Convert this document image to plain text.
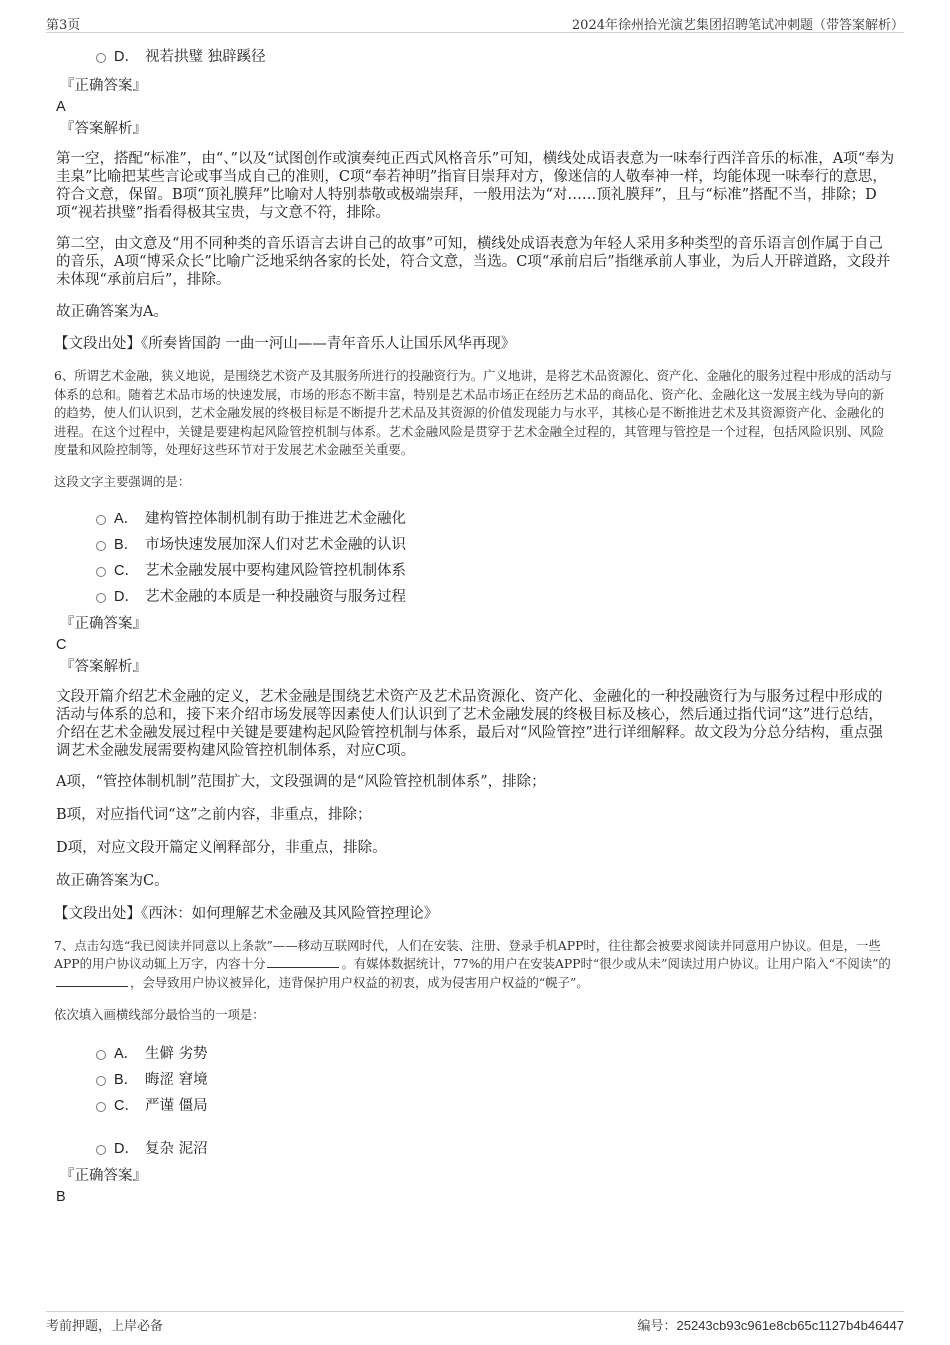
第3页	2024年徐州拾光演艺集团招聘笔试冲刺题（带答案解析）
D． 视若拱璧 独辟蹊径
『正确答案』
A
『答案解析』

第一空，搭配“标准”，由“、”以及“试图创作或演奏纯正西式风格音乐”可知，横线处成语表意为一味奉行西洋音乐的标准，A项“奉为圭臬”比喻把某些言论或事当成自己的准则，C项“奉若神明”指盲目崇拜对方，像迷信的人敬奉神一样，均能体现一味奉行的意思，符合文意，保留。B项“顶礼膜拜”比喻对人特别恭敬或极端崇拜，一般用法为“对……顶礼膜拜”，且与“标准”搭配不当，排除；D项“视若拱璧”指看得极其宝贵，与文意不符，排除。

第二空，由文意及“用不同种类的音乐语言去讲自己的故事”可知，横线处成语表意为年轻人采用多种类型的音乐语言创作属于自己的音乐，A项“博采众长”比喻广泛地采纳各家的长处，符合文意，当选。C项“承前启后”指继承前人事业，为后人开辟道路，文段并未体现“承前启后”，排除。

故正确答案为A。

【文段出处】《所奏皆国韵 一曲一河山——青年音乐人让国乐风华再现》

6、所谓艺术金融，狭义地说，是围绕艺术资产及其服务所进行的投融资行为。广义地讲，是将艺术品资源化、资产化、金融化的服务过程中形成的活动与体系的总和。随着艺术品市场的快速发展，市场的形态不断丰富，特别是艺术品市场正在经历艺术品的商品化、资产化、金融化这一发展主线为导向的新的趋势，使人们认识到，艺术金融发展的终极目标是不断提升艺术品及其资源的价值发现能力与水平，其核心是不断推进艺术及其资源资产化、金融化的进程。在这个过程中，关键是要建构起风险管控机制与体系。艺术金融风险是贯穿于艺术金融全过程的，其管理与管控是一个过程，包括风险识别、风险度量和风险控制等，处理好这些环节对于发展艺术金融至关重要。

这段文字主要强调的是：

A． 建构管控体制机制有助于推进艺术金融化
B． 市场快速发展加深人们对艺术金融的认识
C． 艺术金融发展中要构建风险管控机制体系
D． 艺术金融的本质是一种投融资与服务过程
『正确答案』
C
『答案解析』

文段开篇介绍艺术金融的定义，艺术金融是围绕艺术资产及艺术品资源化、资产化、金融化的一种投融资行为与服务过程中形成的活动与体系的总和，接下来介绍市场发展等因素使人们认识到了艺术金融发展的终极目标及核心，然后通过指代词“这”进行总结，介绍在艺术金融发展过程中关键是要建构起风险管控机制与体系，最后对“风险管控”进行详细解释。故文段为分总分结构，重点强调艺术金融发展需要构建风险管控机制体系，对应C项。

A项，“管控体制机制”范围扩大，文段强调的是“风险管控机制体系”，排除；

B项，对应指代词“这”之前内容，非重点，排除；

D项，对应文段开篇定义阐释部分，非重点，排除。

故正确答案为C。

【文段出处】《西沐：如何理解艺术金融及其风险管控理论》

7、点击勾选“我已阅读并同意以上条款”——移动互联网时代，人们在安装、注册、登录手机APP时，往往都会被要求阅读并同意用户协议。但是，一些APP的用户协议动辄上万字，内容十分	。有媒体数据统计，77%的用户在安装APP时“很少或从未”阅读过用户协议。让用户陷入“不阅读”的，会导致用户协议被异化，违背保护用户权益的初衷，成为侵害用户权益的“幌子”。

依次填入画横线部分最恰当的一项是：

A． 生僻 劣势
B． 晦涩 窘境
C． 严谨 僵局
D． 复杂 泥沼
『正确答案』
B
考前押题，上岸必备	编号：25243cb93c961e8cb65c1127b4b46447
